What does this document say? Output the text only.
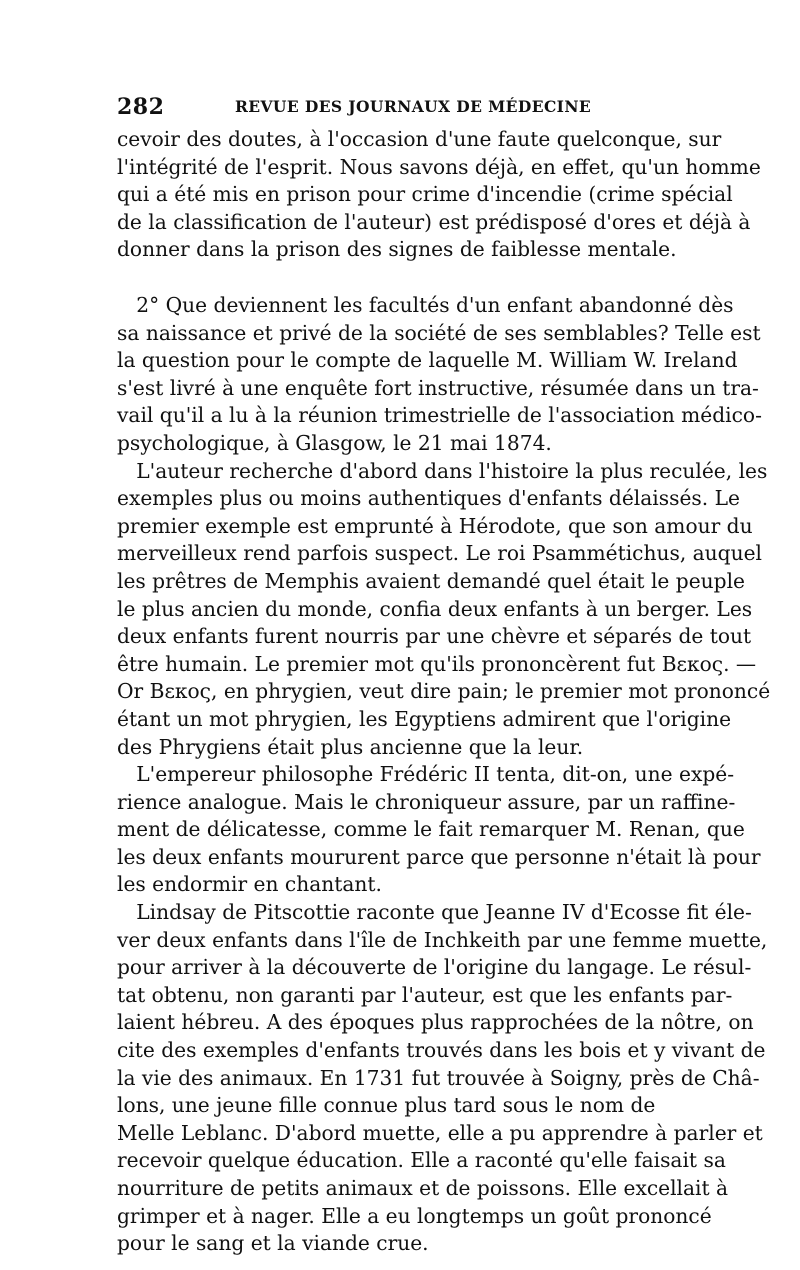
282	REVUE DES JOURNAUX DE MÉDECINE
cevoir des doutes, à l'occasion d'une faute quelconque, sur
l'intégrité de l'esprit. Nous savons déjà, en effet, qu'un homme
qui a été mis en prison pour crime d'incendie (crime spécial
de la classification de l'auteur) est prédisposé d'ores et déjà à
donner dans la prison des signes de faiblesse mentale.
2° Que deviennent les facultés d'un enfant abandonné dès
sa naissance et privé de la société de ses semblables? Telle est
la question pour le compte de laquelle M. William W. Ireland
s'est livré à une enquête fort instructive, résumée dans un tra-
vail qu'il a lu à la réunion trimestrielle de l'association médico-
psychologique, à Glasgow, le 21 mai 1874.
L'auteur recherche d'abord dans l'histoire la plus reculée, les
exemples plus ou moins authentiques d'enfants délaissés. Le
premier exemple est emprunté à Hérodote, que son amour du
merveilleux rend parfois suspect. Le roi Psammétichus, auquel
les prêtres de Memphis avaient demandé quel était le peuple
le plus ancien du monde, confia deux enfants à un berger. Les
deux enfants furent nourris par une chèvre et séparés de tout
être humain. Le premier mot qu'ils prononcèrent fut Βεκος. —
Or Βεκος, en phrygien, veut dire pain; le premier mot prononcé
étant un mot phrygien, les Egyptiens admirent que l'origine
des Phrygiens était plus ancienne que la leur.
L'empereur philosophe Frédéric II tenta, dit-on, une expé-
rience analogue. Mais le chroniqueur assure, par un raffine-
ment de délicatesse, comme le fait remarquer M. Renan, que
les deux enfants moururent parce que personne n'était là pour
les endormir en chantant.
Lindsay de Pitscottie raconte que Jeanne IV d'Ecosse fit éle-
ver deux enfants dans l'île de Inchkeith par une femme muette,
pour arriver à la découverte de l'origine du langage. Le résul-
tat obtenu, non garanti par l'auteur, est que les enfants par-
laient hébreu. A des époques plus rapprochées de la nôtre, on
cite des exemples d'enfants trouvés dans les bois et y vivant de
la vie des animaux. En 1731 fut trouvée à Soigny, près de Châ-
lons, une jeune fille connue plus tard sous le nom de
Melle Leblanc. D'abord muette, elle a pu apprendre à parler et
recevoir quelque éducation. Elle a raconté qu'elle faisait sa
nourriture de petits animaux et de poissons. Elle excellait à
grimper et à nager. Elle a eu longtemps un goût prononcé
pour le sang et la viande crue.
